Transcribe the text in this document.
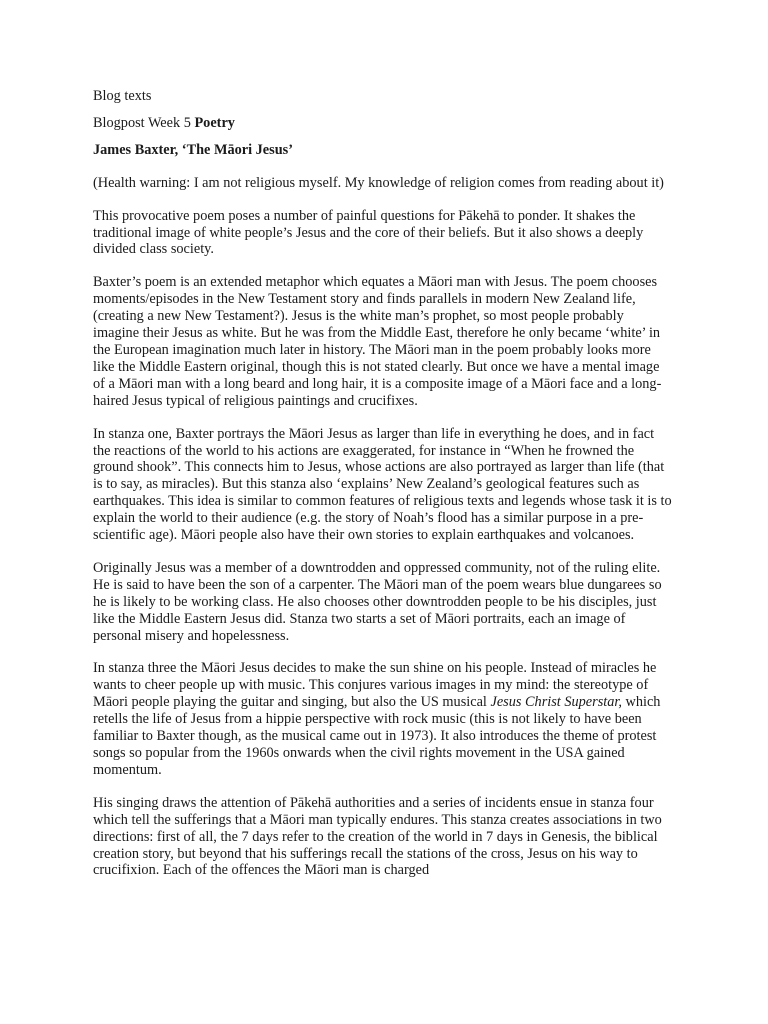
Blog texts

Blogpost Week 5 Poetry

James Baxter, ‘The Māori Jesus’

(Health warning: I am not religious myself. My knowledge of religion comes from reading about it)

This provocative poem poses a number of painful questions for Pākehā to ponder. It shakes the traditional image of white people’s Jesus and the core of their beliefs. But it also shows a deeply divided class society.

Baxter’s poem is an extended metaphor which equates a Māori man with Jesus. The poem chooses moments/episodes in the New Testament story and finds parallels in modern New Zealand life, (creating a new New Testament?). Jesus is the white man’s prophet, so most people probably imagine their Jesus as white. But he was from the Middle East, therefore he only became ‘white’ in the European imagination much later in history. The Māori man in the poem probably looks more like the Middle Eastern original, though this is not stated clearly. But once we have a mental image of a Māori man with a long beard and long hair, it is a composite image of a Māori face and a long-haired Jesus typical of religious paintings and crucifixes.

In stanza one, Baxter portrays the Māori Jesus as larger than life in everything he does, and in fact the reactions of the world to his actions are exaggerated, for instance in “When he frowned the ground shook”. This connects him to Jesus, whose actions are also portrayed as larger than life (that is to say, as miracles). But this stanza also ‘explains’ New Zealand’s geological features such as earthquakes. This idea is similar to common features of religious texts and legends whose task it is to explain the world to their audience (e.g. the story of Noah’s flood has a similar purpose in a pre-scientific age). Māori people also have their own stories to explain earthquakes and volcanoes.

Originally Jesus was a member of a downtrodden and oppressed community, not of the ruling elite. He is said to have been the son of a carpenter. The Māori man of the poem wears blue dungarees so he is likely to be working class. He also chooses other downtrodden people to be his disciples, just like the Middle Eastern Jesus did. Stanza two starts a set of Māori portraits, each an image of personal misery and hopelessness.

In stanza three the Māori Jesus decides to make the sun shine on his people. Instead of miracles he wants to cheer people up with music. This conjures various images in my mind: the stereotype of Māori people playing the guitar and singing, but also the US musical Jesus Christ Superstar, which retells the life of Jesus from a hippie perspective with rock music (this is not likely to have been familiar to Baxter though, as the musical came out in 1973). It also introduces the theme of protest songs so popular from the 1960s onwards when the civil rights movement in the USA gained momentum.

His singing draws the attention of Pākehā authorities and a series of incidents ensue in stanza four which tell the sufferings that a Māori man typically endures. This stanza creates associations in two directions: first of all, the 7 days refer to the creation of the world in 7 days in Genesis, the biblical creation story, but beyond that his sufferings recall the stations of the cross, Jesus on his way to crucifixion. Each of the offences the Māori man is charged
